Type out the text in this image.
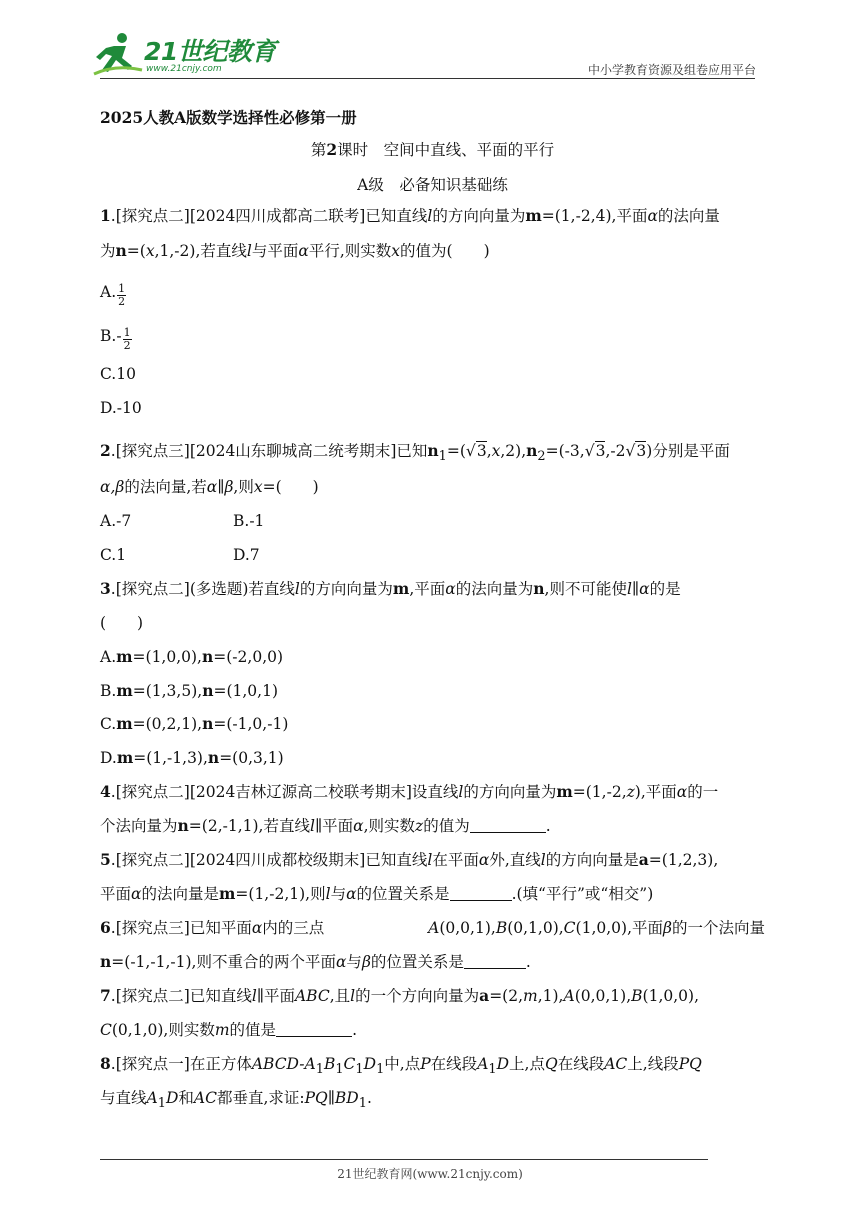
21世纪教育
www.21cnjy.com	中小学教育资源及组卷应用平台
2025人教A版数学选择性必修第一册
第2课时　 空间中直线、平面的平行
A级　必备知识基础练
1.[探究点二][2024四川成都高二联考]已知直线l的方向向量为m=(1,-2,4),平面α的法向量
为n=(x,1,-2),若直线l与平面α平行,则实数x的值为(　　)
A. $\frac{1}{2}$
$B.- \frac{1}{2}$
C.10
D.-10
2.[探究点三][2024山东聊城高二统考期末]已知$n_1=(√3,x,2),n_2=(-3,√3,-2√3)$分别是平面
α,β的法向量,若α∥β,则x=(　　)
A.-7	B.-1
C.1	D.7
3.[探究点二](多选题)若直线l的方向向量为m,平面α的法向量为n,则不可能使l∥α的是
(　　)
A.m=(1,0,0),n=(-2,0,0)
B.m=(1,3,5),n=(1,0,1)
C.m=(0,2,1),n=(-1,0,-1)
D.m=(1,-1,3),n=(0,3,1)
4.[探究点二][2024吉林辽源高二校联考期末]设直线l的方向向量为m=(1,-2,z),平面α的一
个法向量为n=(2,-1,1),若直线l∥平面α,则实数z的值为	.
5.[探究点二][2024四川成都校级期末]已知直线l在平面α外,直线l的方向向量是a=(1,2,3),
平面α的法向量是m=(1,-2,1),则l与α的位置关系是	.(填“平行”或“相交”)
6.[探究点三]已知平面α内的三点	A(0,0,1),B(0,1,0),C(1,0,0),平面β的一个法向量
n=(-1,-1,-1),则不重合的两个平面α与β的位置关系是	.
7.[探究点二]已知直线l∥平面ABC,且l的一个方向向量为a=(2,m,1),A(0,0,1),B(1,0,0),
C(0,1,0),则实数m的值是	.
8.[探究点一]在正方体ABCD-$A_1B_1C_1D_1$中,点P在线段$A_1D$上,点Q在线段AC上,线段PQ
与直线$A_1D$和AC都垂直,求证$:PQ\parallel BD_1$.
21世纪教育网(www.21cnjy.com)
